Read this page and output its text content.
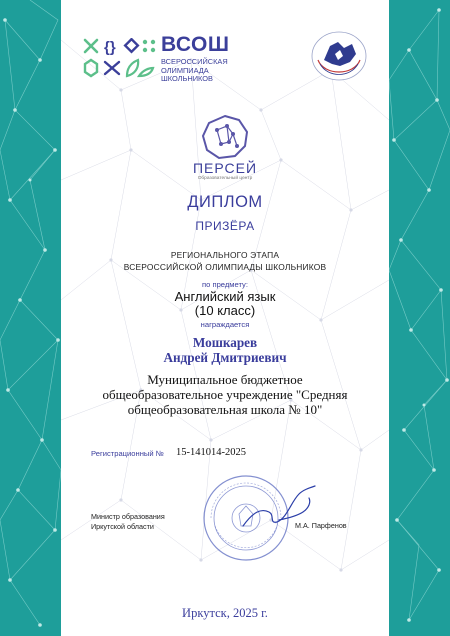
{} ВСОШ
ВСЕРОССИЙСКАЯ
ОЛИМПИАДА
ШКОЛЬНИКОВ
ПЕРСЕЙ
Образовательный центр
ДИПЛОМ
ПРИЗЁРА
РЕГИОНАЛЬНОГО ЭТАПА
ВСЕРОССИЙСКОЙ ОЛИМПИАДЫ ШКОЛЬНИКОВ
по предмету:
Английский язык
(10 класс)
награждается
Мошкарев
Андрей Дмитриевич
Муниципальное бюджетное
общеобразовательное учреждение "Средняя
общеобразовательная школа № 10"
Регистрационный № 15-141014-2025
Министр образования
Иркутской области	М.А. Парфенов
Иркутск, 2025 г.
